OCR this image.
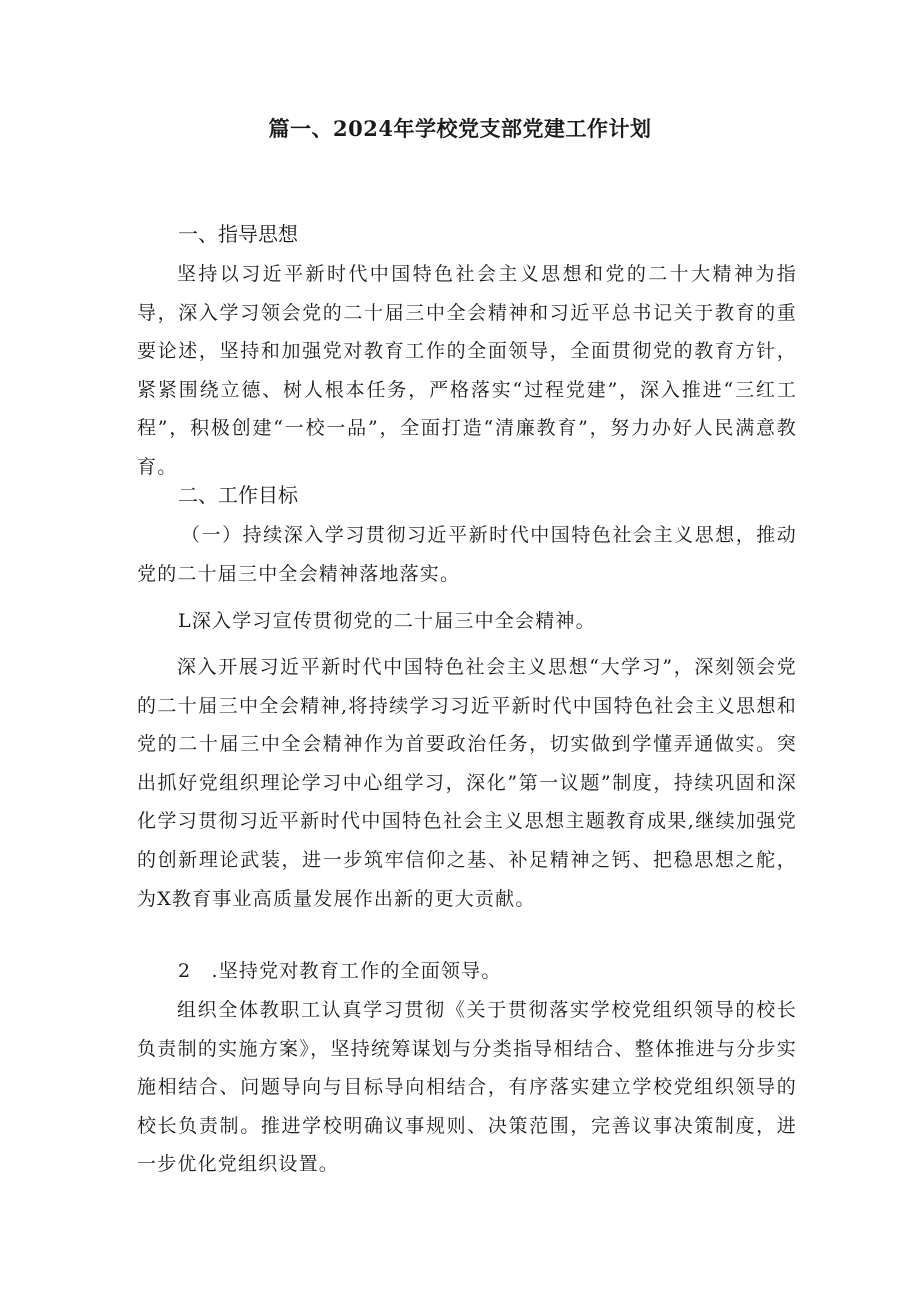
篇一、2024年学校党支部党建工作计划
一、指导思想

坚持以习近平新时代中国特色社会主义思想和党的二十大精神为指导，深入学习领会党的二十届三中全会精神和习近平总书记关于教育的重要论述，坚持和加强党对教育工作的全面领导，全面贯彻党的教育方针，紧紧围绕立德、树人根本任务，严格落实“过程党建”，深入推进“三红工程”，积极创建“一校一品”，全面打造“清廉教育”，努力办好人民满意教育。

二、工作目标

（一）持续深入学习贯彻习近平新时代中国特色社会主义思想，推动党的二十届三中全会精神落地落实。

L深入学习宣传贯彻党的二十届三中全会精神。

深入开展习近平新时代中国特色社会主义思想“大学习”，深刻领会党的二十届三中全会精神,将持续学习习近平新时代中国特色社会主义思想和党的二十届三中全会精神作为首要政治任务，切实做到学懂弄通做实。突出抓好党组织理论学习中心组学习，深化”第一议题”制度，持续巩固和深化学习贯彻习近平新时代中国特色社会主义思想主题教育成果,继续加强党的创新理论武装，进一步筑牢信仰之基、补足精神之钙、把稳思想之舵，为X教育事业高质量发展作出新的更大贡献。

2　.坚持党对教育工作的全面领导。

组织全体教职工认真学习贯彻《关于贯彻落实学校党组织领导的校长负责制的实施方案》，坚持统筹谋划与分类指导相结合、整体推进与分步实施相结合、问题导向与目标导向相结合，有序落实建立学校党组织领导的校长负责制。推进学校明确议事规则、决策范围，完善议事决策制度，进一步优化党组织设置。
